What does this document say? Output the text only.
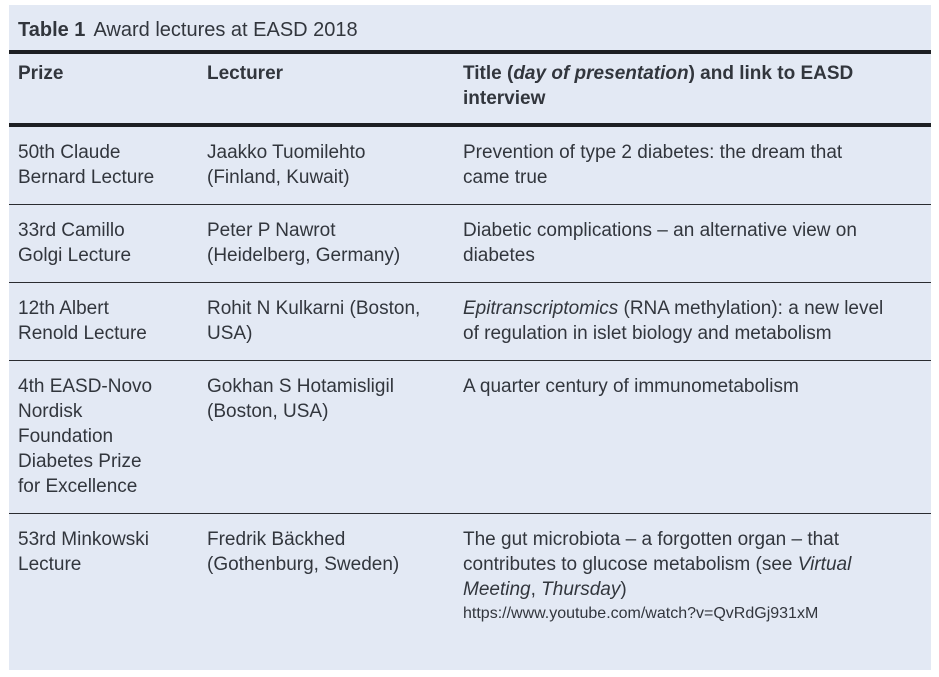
Table 1 Award lectures at EASD 2018
Prize	Lecturer	Title (day of presentation) and link to EASD interview
50th Claude Bernard Lecture	Jaakko Tuomilehto (Finland, Kuwait)	Prevention of type 2 diabetes: the dream that came true
33rd Camillo Golgi Lecture	Peter P Nawrot (Heidelberg, Germany)	Diabetic complications – an alternative view on diabetes
12th Albert Renold Lecture	Rohit N Kulkarni (Boston, USA)	Epitranscriptomics (RNA methylation): a new level of regulation in islet biology and metabolism
4th EASD-Novo Nordisk Foundation Diabetes Prize for Excellence	Gokhan S Hotamisligil (Boston, USA)	A quarter century of immunometabolism
53rd Minkowski Lecture	Fredrik Bäckhed (Gothenburg, Sweden)	The gut microbiota – a forgotten organ – that contributes to glucose metabolism (see Virtual Meeting, Thursday)
https://www.youtube.com/watch?v=QvRdGj931xM
